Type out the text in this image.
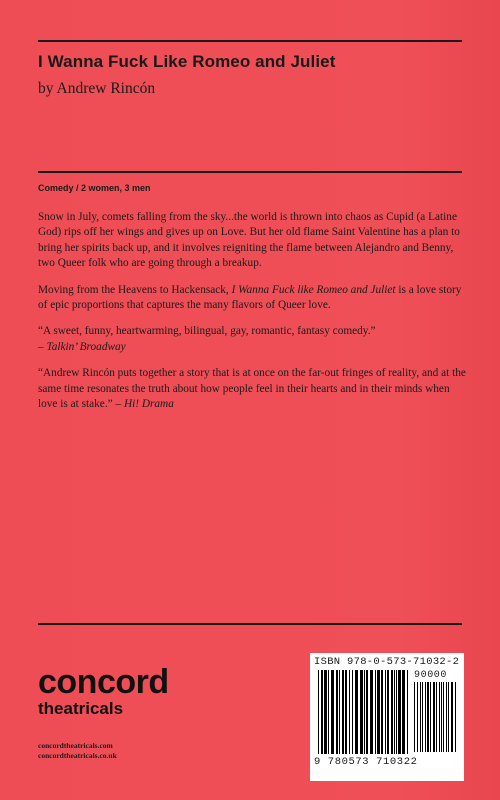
I Wanna Fuck Like Romeo and Juliet
by Andrew Rincón
Comedy / 2 women, 3 men

Snow in July, comets falling from the sky...the world is thrown into chaos as Cupid (a Latine God) rips off her wings and gives up on Love. But her old flame Saint Valentine has a plan to bring her spirits back up, and it involves reigniting the flame between Alejandro and Benny, two Queer folk who are going through a breakup.

Moving from the Heavens to Hackensack, I Wanna Fuck like Romeo and Juliet is a love story of epic proportions that captures the many flavors of Queer love.

“A sweet, funny, heartwarming, bilingual, gay, romantic, fantasy comedy.”
– Talkin’ Broadway

“Andrew Rincón puts together a story that is at once on the far-out fringes of reality, and at the same time resonates the truth about how people feel in their hearts and in their minds when love is at stake.” – Hi! Drama

concord
theatricals
concordtheatricals.com
concordtheatricals.co.uk
ISBN 978-0-573-71032-2
90000
9 780573 710322
